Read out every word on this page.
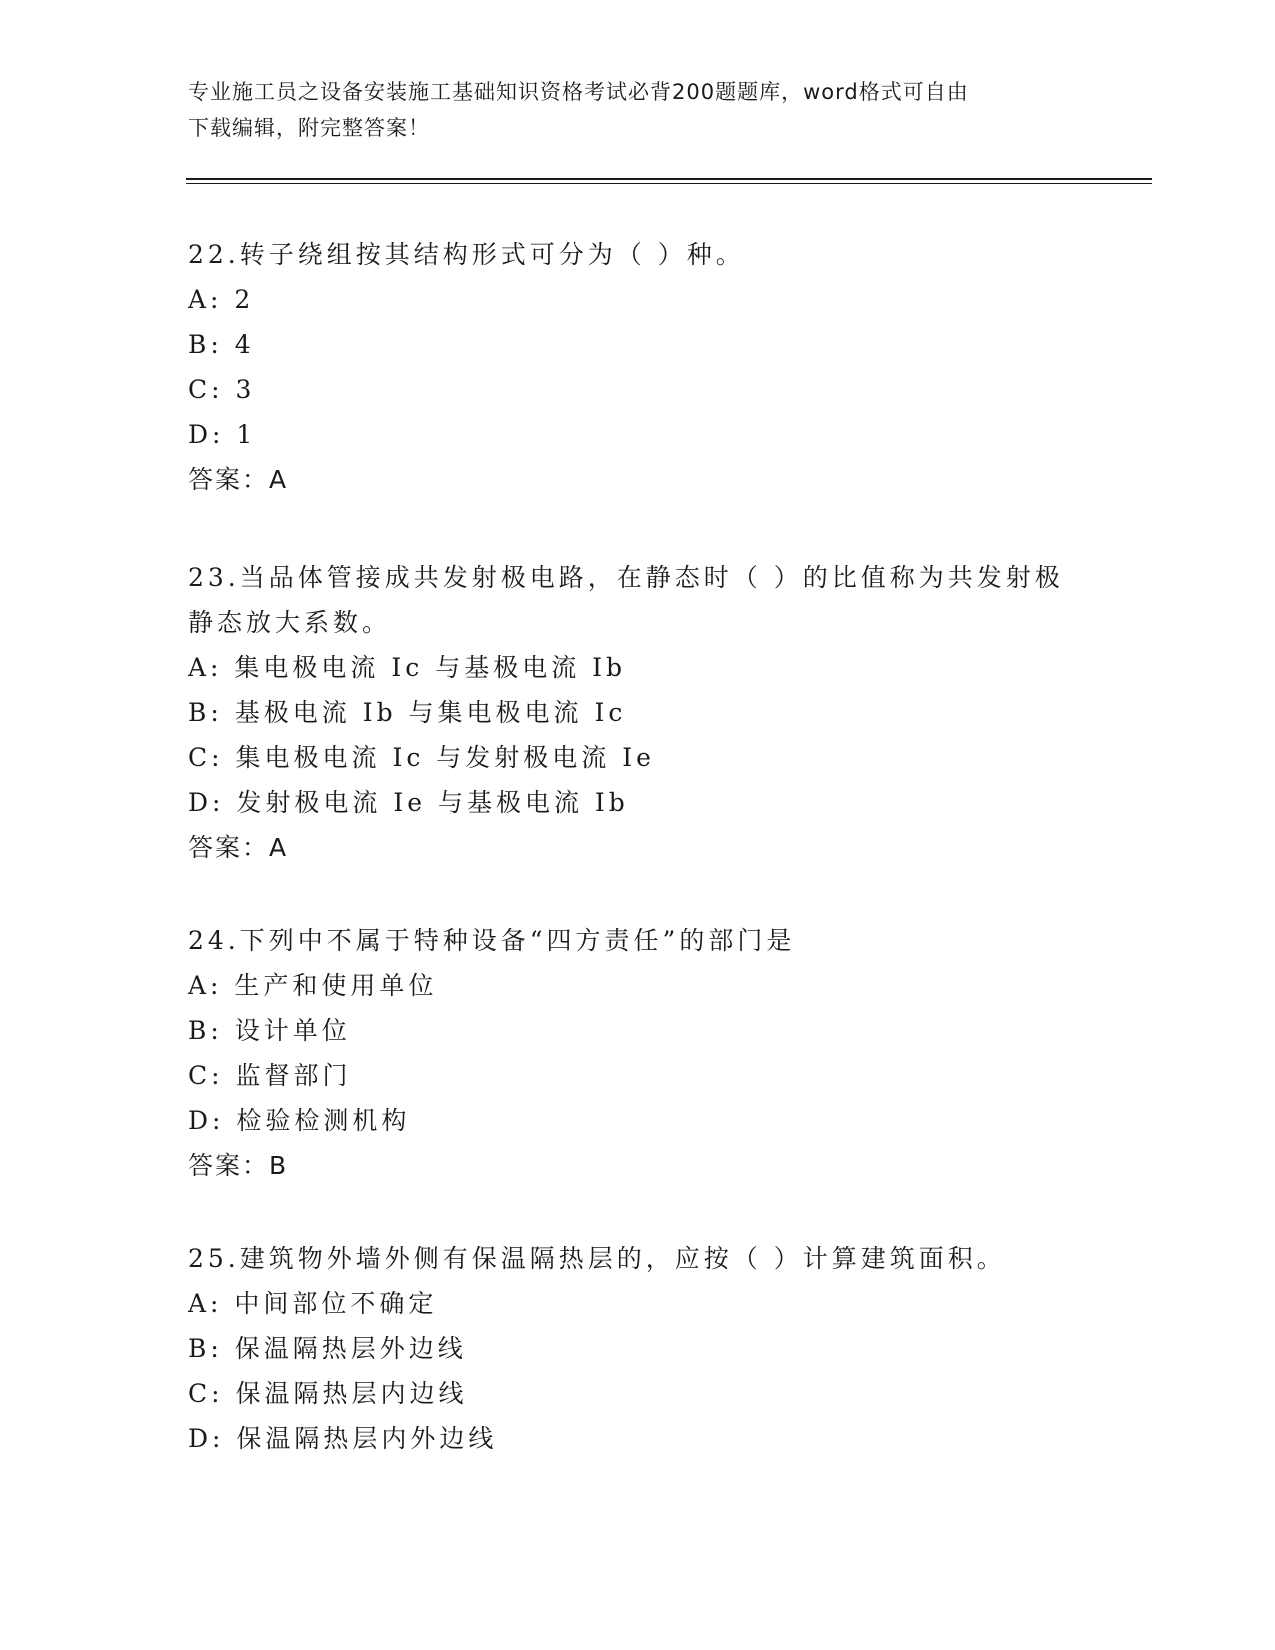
专业施工员之设备安装施工基础知识资格考试必背200题题库，word格式可自由
下载编辑，附完整答案！
22.转子绕组按其结构形式可分为（ ）种。
A: 2
B: 4
C: 3
D: 1
答案：A
23.当品体管接成共发射极电路，在静态时（ ）的比值称为共发射极
静态放大系数。
A: 集电极电流 Ic 与基极电流 Ib
B: 基极电流 Ib 与集电极电流 Ic
C: 集电极电流 Ic 与发射极电流 Ie
D: 发射极电流 Ie 与基极电流 Ib
答案：A
24.下列中不属于特种设备“四方责任”的部门是
A: 生产和使用单位
B: 设计单位
C: 监督部门
D: 检验检测机构
答案：B
25.建筑物外墙外侧有保温隔热层的，应按（ ）计算建筑面积。
A: 中间部位不确定
B: 保温隔热层外边线
C: 保温隔热层内边线
D: 保温隔热层内外边线
